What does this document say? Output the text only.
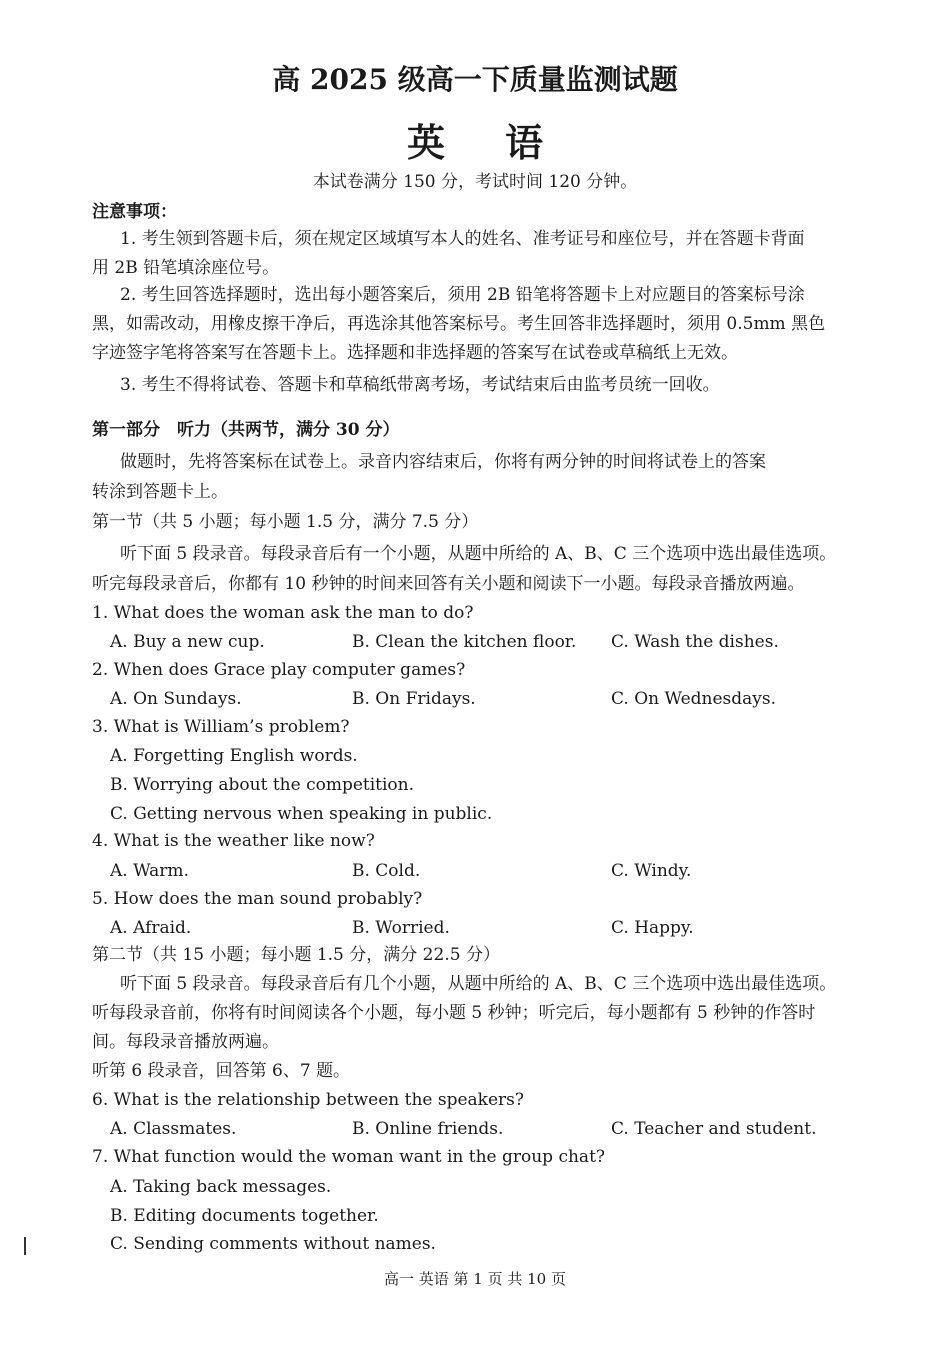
高 2025 级高一下质量监测试题
英语
本试卷满分 150 分，考试时间 120 分钟。
注意事项：
1. 考生领到答题卡后，须在规定区域填写本人的姓名、准考证号和座位号，并在答题卡背面
用 2B 铅笔填涂座位号。
2. 考生回答选择题时，选出每小题答案后，须用 2B 铅笔将答题卡上对应题目的答案标号涂
黑，如需改动，用橡皮擦干净后，再选涂其他答案标号。考生回答非选择题时，须用 0.5mm 黑色
字迹签字笔将答案写在答题卡上。选择题和非选择题的答案写在试卷或草稿纸上无效。
3. 考生不得将试卷、答题卡和草稿纸带离考场，考试结束后由监考员统一回收。
第一部分　听力（共两节，满分 30 分）
做题时，先将答案标在试卷上。录音内容结束后，你将有两分钟的时间将试卷上的答案
转涂到答题卡上。
第一节（共 5 小题；每小题 1.5 分，满分 7.5 分）
听下面 5 段录音。每段录音后有一个小题，从题中所给的 A、B、C 三个选项中选出最佳选项。
听完每段录音后，你都有 10 秒钟的时间来回答有关小题和阅读下一小题。每段录音播放两遍。
1. What does the woman ask the man to do?
A. Buy a new cup.	B. Clean the kitchen floor. C. Wash the dishes.
2. When does Grace play computer games?
A. On Sundays.	B. On Fridays.	C. On Wednesdays.
3. What is William’s problem?
A. Forgetting English words.
B. Worrying about the competition.
C. Getting nervous when speaking in public.
4. What is the weather like now?
A. Warm.	B. Cold.	C. Windy.
5. How does the man sound probably?
A. Afraid.	B. Worried.	C. Happy.
第二节（共 15 小题；每小题 1.5 分，满分 22.5 分）
听下面 5 段录音。每段录音后有几个小题，从题中所给的 A、B、C 三个选项中选出最佳选项。
听每段录音前，你将有时间阅读各个小题，每小题 5 秒钟；听完后，每小题都有 5 秒钟的作答时
间。每段录音播放两遍。
听第 6 段录音，回答第 6、7 题。
6. What is the relationship between the speakers?
A. Classmates.	B. Online friends.	C. Teacher and student.
7. What function would the woman want in the group chat?
A. Taking back messages.
B. Editing documents together.
C. Sending comments without names.
高一 英语 第 1 页 共 10 页
